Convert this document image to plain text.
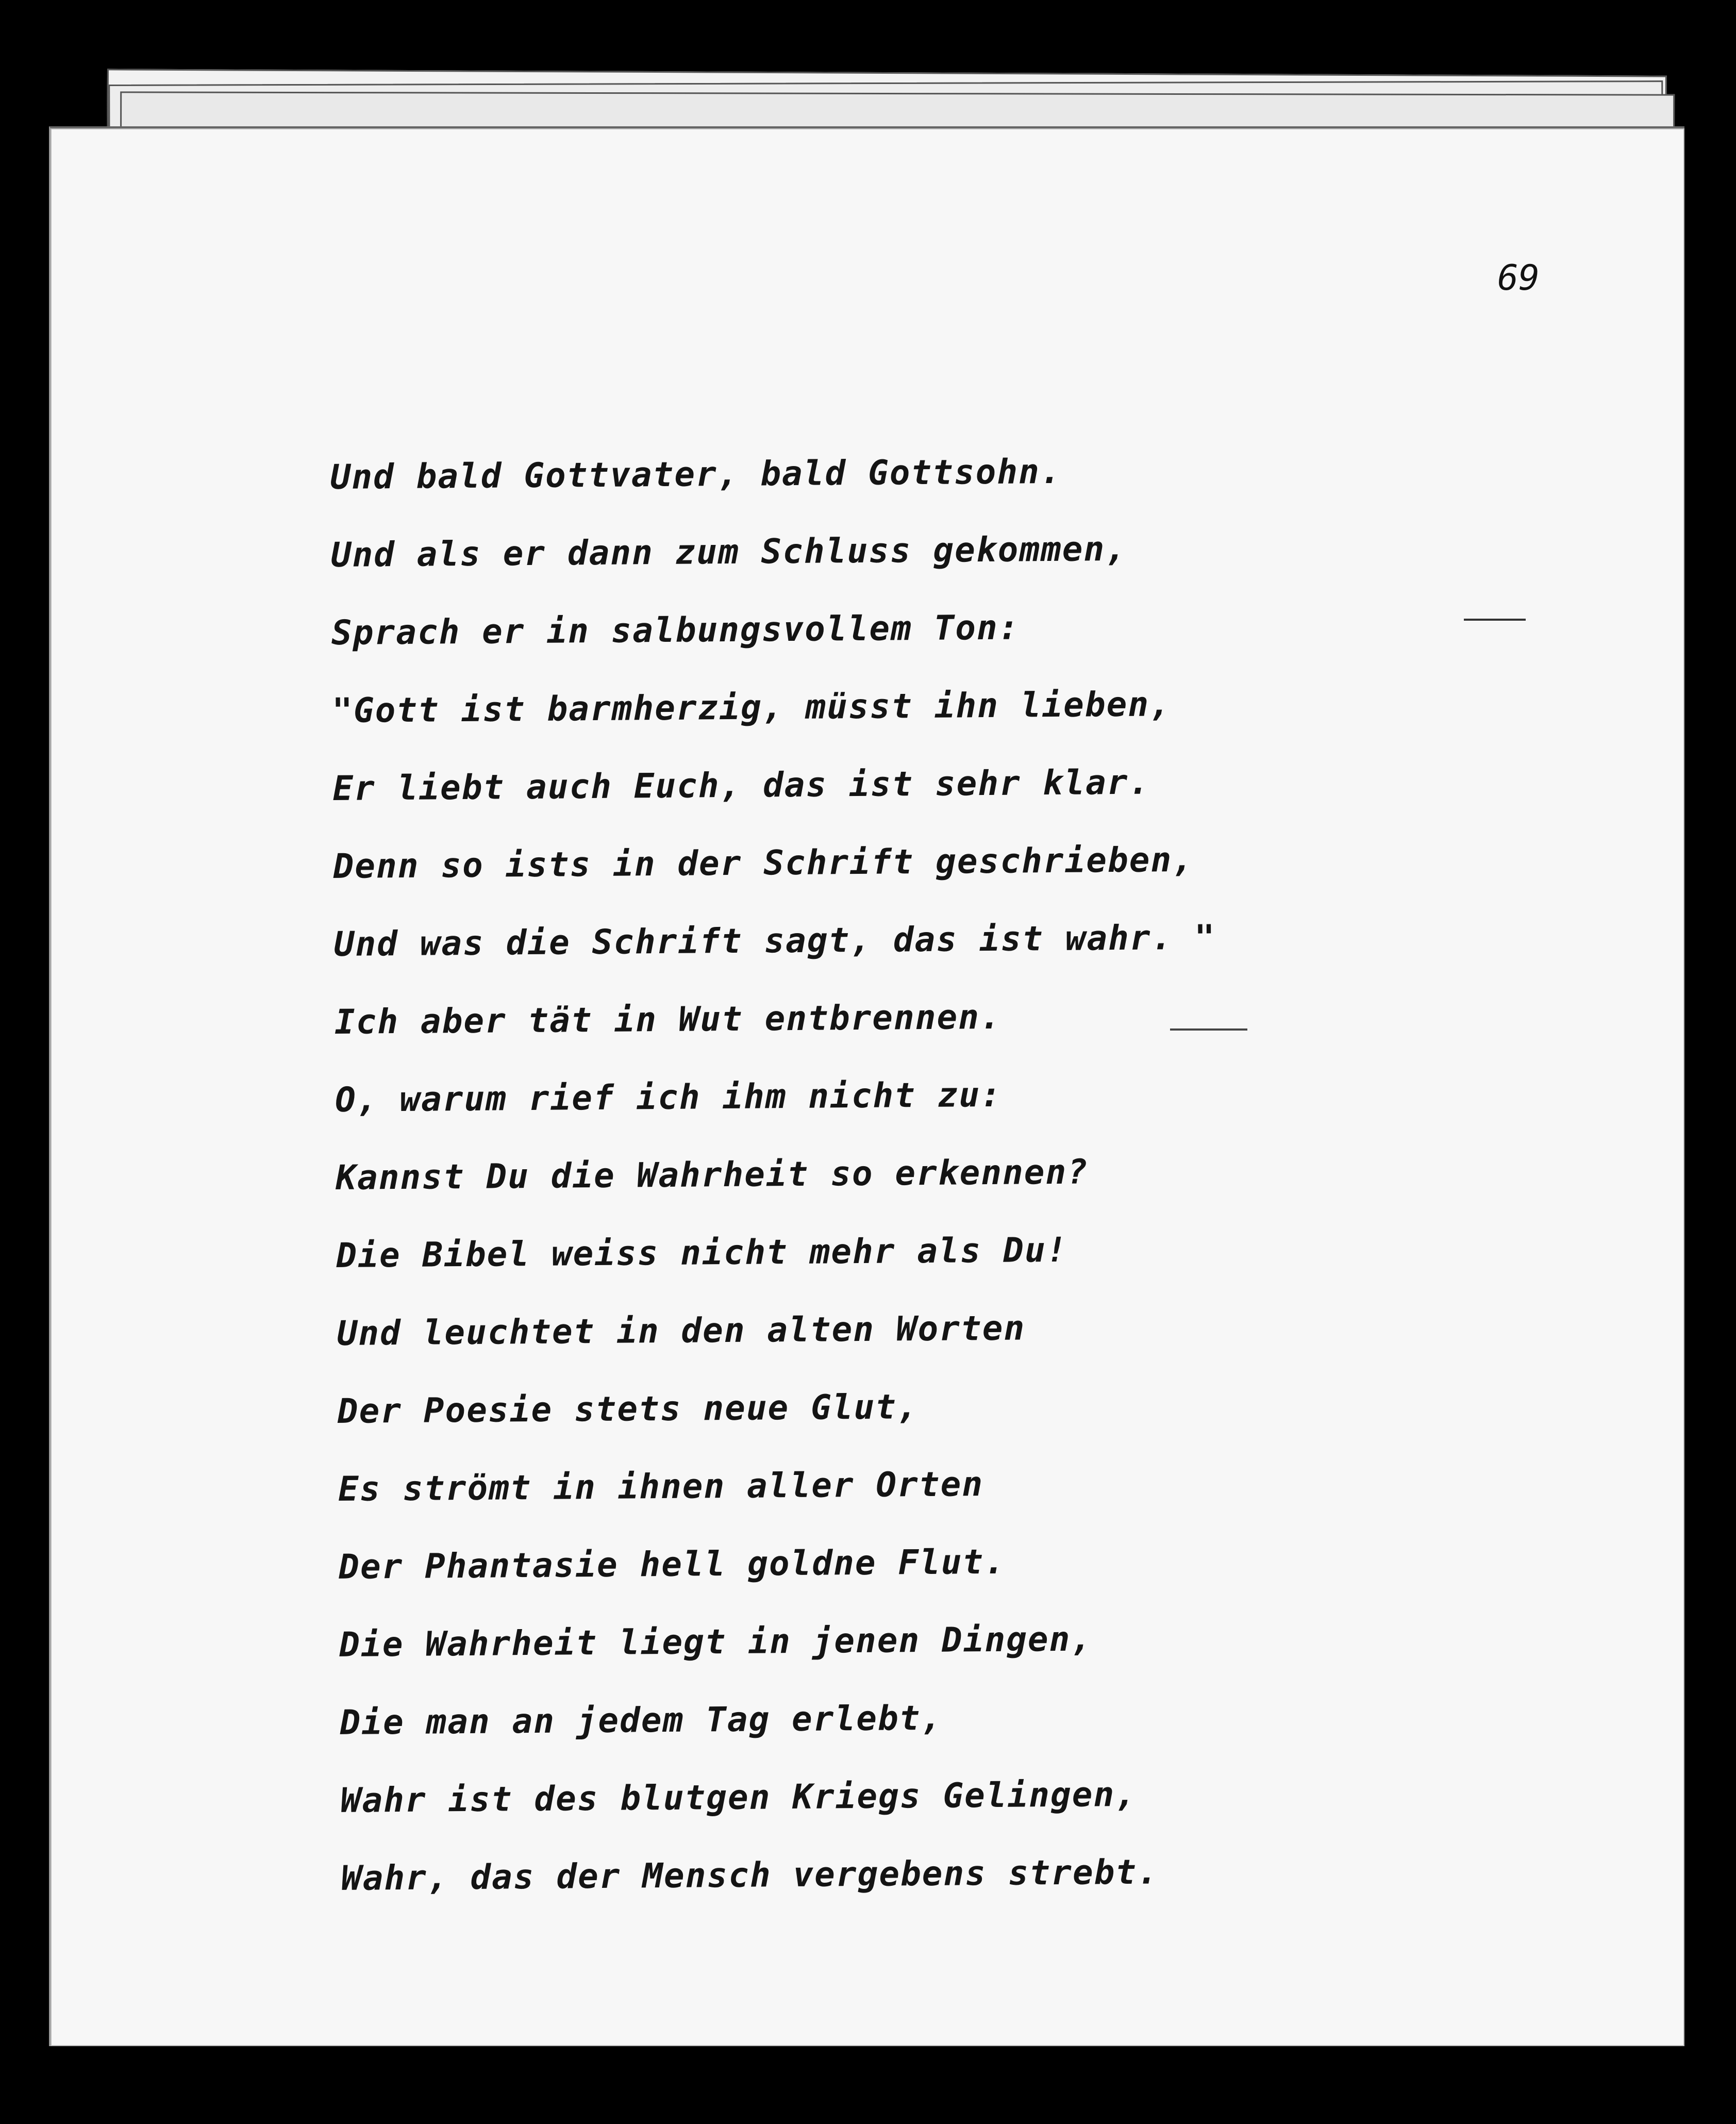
69
Und bald Gottvater, bald Gottsohn.
Und als er dann zum Schluss gekommen,
Sprach er in salbungsvollem Ton:
"Gott ist barmherzig, müsst ihn lieben,
Er liebt auch Euch, das ist sehr klar.
Denn so ists in der Schrift geschrieben,
Und was die Schrift sagt, das ist wahr. "
Ich aber tät in Wut entbrennen.
O, warum rief ich ihm nicht zu:
Kannst Du die Wahrheit so erkennen?
Die Bibel weiss nicht mehr als Du!
Und leuchtet in den alten Worten
Der Poesie stets neue Glut,
Es strömt in ihnen aller Orten
Der Phantasie hell goldne Flut.
Die Wahrheit liegt in jenen Dingen,
Die man an jedem Tag erlebt,
Wahr ist des blutgen Kriegs Gelingen,
Wahr, das der Mensch vergebens strebt.
